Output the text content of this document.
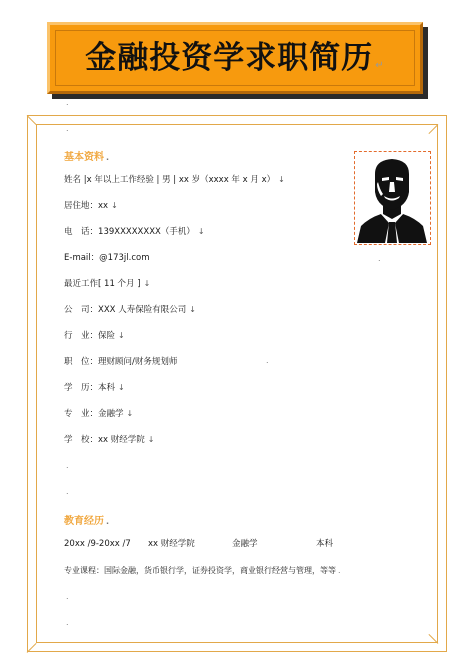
金融投资学求职简历 ↵
.
.
基本资料 .
姓名 |x 年以上工作经验 | 男 | xx 岁（xxxx 年 x 月 x） ↓
居住地：xx ↓
电　话：139XXXXXXXX（手机） ↓
E-mail：@173jl.com
最近工作[ 11 个月 ] ↓
公　司：XXX 人寿保险有限公司 ↓
行　业：保险 ↓
职　位：理财顾问/财务规划师
学　历：本科 ↓
专　业：金融学 ↓
学　校：xx 财经学院 ↓
.
.
.
.
教育经历 .
20xx /9-20xx /7 xx 财经学院	金融学	本科
专业课程：国际金融，货币银行学，证券投资学，商业银行经营与管理，等等 .
.
.
